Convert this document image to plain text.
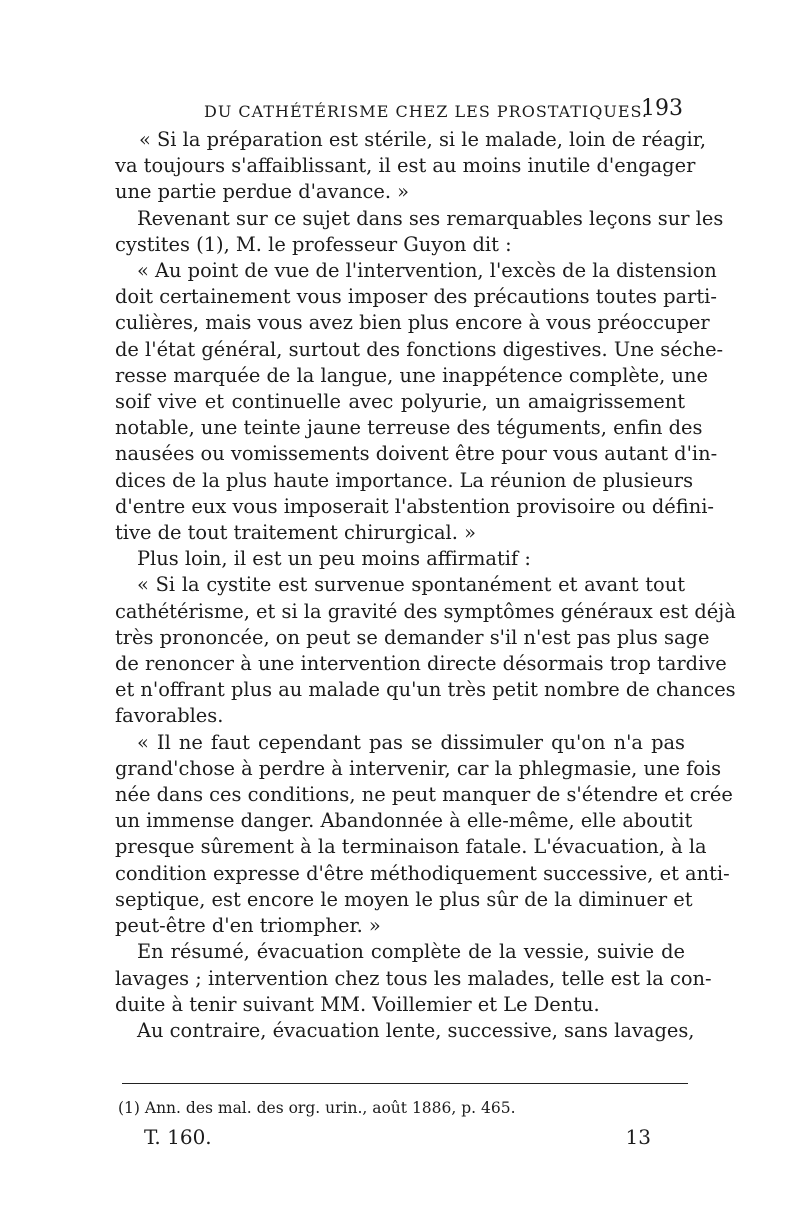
DU CATHÉTÉRISME CHEZ LES PROSTATIQUES.
193
« Si la préparation est stérile, si le malade, loin de réagir,
va toujours s'affaiblissant, il est au moins inutile d'engager
une partie perdue d'avance. »
Revenant sur ce sujet dans ses remarquables leçons sur les
cystites (1), M. le professeur Guyon dit :
« Au point de vue de l'intervention, l'excès de la distension
doit certainement vous imposer des précautions toutes parti-
culières, mais vous avez bien plus encore à vous préoccuper
de l'état général, surtout des fonctions digestives. Une séche-
resse marquée de la langue, une inappétence complète, une
soif vive et continuelle avec polyurie, un amaigrissement
notable, une teinte jaune terreuse des téguments, enfin des
nausées ou vomissements doivent être pour vous autant d'in-
dices de la plus haute importance. La réunion de plusieurs
d'entre eux vous imposerait l'abstention provisoire ou défini-
tive de tout traitement chirurgical. »
Plus loin, il est un peu moins affirmatif :
« Si la cystite est survenue spontanément et avant tout
cathétérisme, et si la gravité des symptômes généraux est déjà
très prononcée, on peut se demander s'il n'est pas plus sage
de renoncer à une intervention directe désormais trop tardive
et n'offrant plus au malade qu'un très petit nombre de chances
favorables.
« Il ne faut cependant pas se dissimuler qu'on n'a pas
grand'chose à perdre à intervenir, car la phlegmasie, une fois
née dans ces conditions, ne peut manquer de s'étendre et crée
un immense danger. Abandonnée à elle-même, elle aboutit
presque sûrement à la terminaison fatale. L'évacuation, à la
condition expresse d'être méthodiquement successive, et anti-
septique, est encore le moyen le plus sûr de la diminuer et
peut-être d'en triompher. »
En résumé, évacuation complète de la vessie, suivie de
lavages ; intervention chez tous les malades, telle est la con-
duite à tenir suivant MM. Voillemier et Le Dentu.
Au contraire, évacuation lente, successive, sans lavages,
(1) Ann. des mal. des org. urin., août 1886, p. 465.
T. 160.	13
